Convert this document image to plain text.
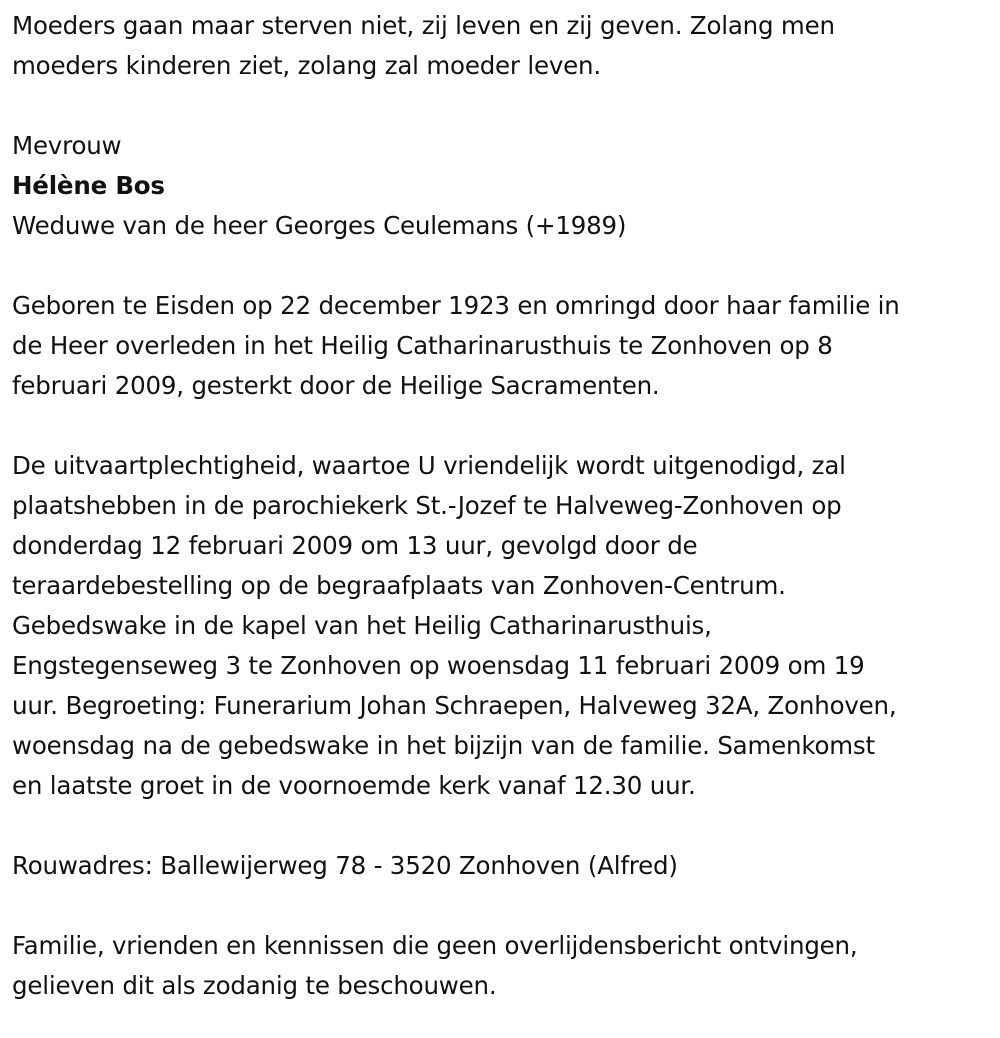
Moeders gaan maar sterven niet, zij leven en zij geven. Zolang men
moeders kinderen ziet, zolang zal moeder leven.

Mevrouw

Hélène Bos

Weduwe van de heer Georges Ceulemans (+1989)

Geboren te Eisden op 22 december 1923 en omringd door haar familie in
de Heer overleden in het Heilig Catharinarusthuis te Zonhoven op 8
februari 2009, gesterkt door de Heilige Sacramenten.

De uitvaartplechtigheid, waartoe U vriendelijk wordt uitgenodigd, zal
plaatshebben in de parochiekerk St.-Jozef te Halveweg-Zonhoven op
donderdag 12 februari 2009 om 13 uur, gevolgd door de
teraardebestelling op de begraafplaats van Zonhoven-Centrum.
Gebedswake in de kapel van het Heilig Catharinarusthuis,
Engstegenseweg 3 te Zonhoven op woensdag 11 februari 2009 om 19
uur. Begroeting: Funerarium Johan Schraepen, Halveweg 32A, Zonhoven,
woensdag na de gebedswake in het bijzijn van de familie. Samenkomst
en laatste groet in de voornoemde kerk vanaf 12.30 uur.

Rouwadres: Ballewijerweg 78 - 3520 Zonhoven (Alfred)

Familie, vrienden en kennissen die geen overlijdensbericht ontvingen,
gelieven dit als zodanig te beschouwen.
